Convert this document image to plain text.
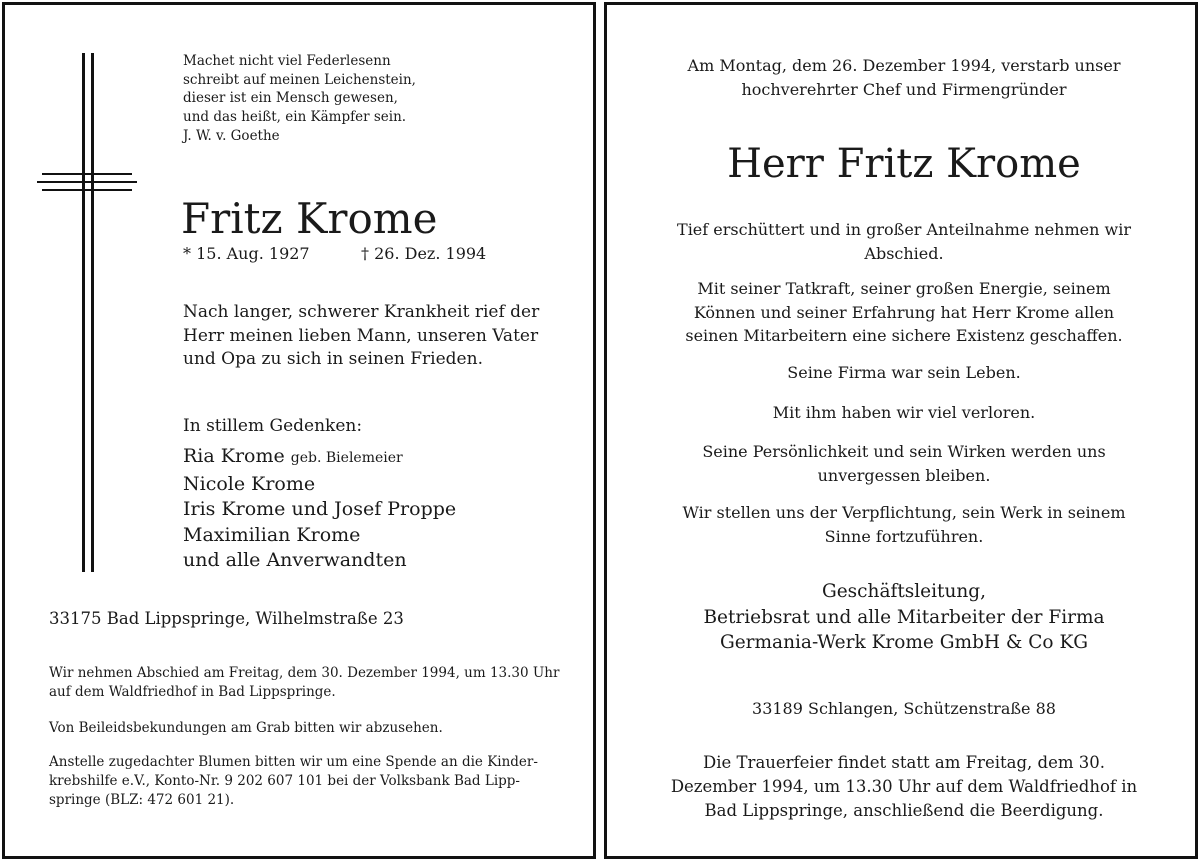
Machet nicht viel Federlesenn
schreibt auf meinen Leichenstein,
dieser ist ein Mensch gewesen,
und das heißt, ein Kämpfer sein.
J. W. v. Goethe
Fritz Krome
* 15. Aug. 1927	† 26. Dez. 1994
Nach langer, schwerer Krankheit rief der
Herr meinen lieben Mann, unseren Vater
und Opa zu sich in seinen Frieden.
In stillem Gedenken:
Ria Krome geb. Bielemeier
Nicole Krome
Iris Krome und Josef Proppe
Maximilian Krome
und alle Anverwandten
33175 Bad Lippspringe, Wilhelmstraße 23
Wir nehmen Abschied am Freitag, dem 30. Dezember 1994, um 13.30 Uhr
auf dem Waldfriedhof in Bad Lippspringe.
Von Beileidsbekundungen am Grab bitten wir abzusehen.
Anstelle zugedachter Blumen bitten wir um eine Spende an die Kinder-
krebshilfe e.V., Konto-Nr. 9 202 607 101 bei der Volksbank Bad Lipp-
springe (BLZ: 472 601 21).
Am Montag, dem 26. Dezember 1994, verstarb unser
hochverehrter Chef und Firmengründer
Herr Fritz Krome
Tief erschüttert und in großer Anteilnahme nehmen wir
Abschied.
Mit seiner Tatkraft, seiner großen Energie, seinem
Können und seiner Erfahrung hat Herr Krome allen
seinen Mitarbeitern eine sichere Existenz geschaffen.
Seine Firma war sein Leben.
Mit ihm haben wir viel verloren.
Seine Persönlichkeit und sein Wirken werden uns
unvergessen bleiben.
Wir stellen uns der Verpflichtung, sein Werk in seinem
Sinne fortzuführen.
Geschäftsleitung,
Betriebsrat und alle Mitarbeiter der Firma
Germania-Werk Krome GmbH & Co KG
33189 Schlangen, Schützenstraße 88
Die Trauerfeier findet statt am Freitag, dem 30.
Dezember 1994, um 13.30 Uhr auf dem Waldfriedhof in
Bad Lippspringe, anschließend die Beerdigung.
